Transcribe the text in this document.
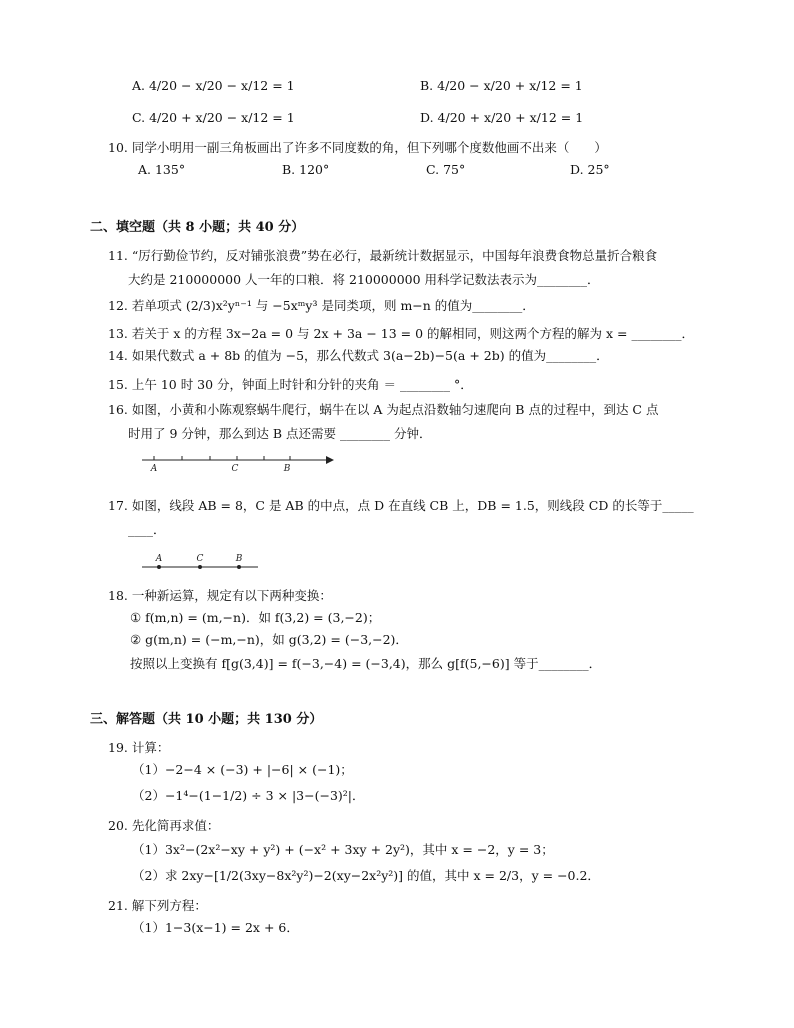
A. 4/20 − x/20 − x/12 = 1	B. 4/20 − x/20 + x/12 = 1
C. 4/20 + x/20 − x/12 = 1	D. 4/20 + x/20 + x/12 = 1
10. 同学小明用一副三角板画出了许多不同度数的角，但下列哪个度数他画不出来（　　）
A. 135°	B. 120°	C. 75°	D. 25°
二、填空题（共 8 小题；共 40 分）
11. “厉行勤俭节约，反对铺张浪费”势在必行，最新统计数据显示，中国每年浪费食物总量折合粮食
大约是 210000000 人一年的口粮．将 210000000 用科学记数法表示为________．
12. 若单项式 (2/3)x²yⁿ⁻¹ 与 −5xᵐy³ 是同类项，则 m−n 的值为________．
13. 若关于 x 的方程 3x−2a = 0 与 2x + 3a − 13 = 0 的解相同，则这两个方程的解为 x = ________．
14. 如果代数式 a + 8b 的值为 −5，那么代数式 3(a−2b)−5(a + 2b) 的值为________．
15. 上午 10 时 30 分，钟面上时针和分针的夹角 ＝ ________ °．
16. 如图，小黄和小陈观察蜗牛爬行，蜗牛在以 A 为起点沿数轴匀速爬向 B 点的过程中，到达 C 点
时用了 9 分钟，那么到达 B 点还需要 ________ 分钟．
A	C	B
17. 如图，线段 AB = 8，C 是 AB 的中点，点 D 在直线 CB 上，DB = 1.5，则线段 CD 的长等于_____
____．
A	C	B
18. 一种新运算，规定有以下两种变换：
① f(m,n) = (m,−n)．如 f(3,2) = (3,−2)；
② g(m,n) = (−m,−n)，如 g(3,2) = (−3,−2)．
按照以上变换有 f[g(3,4)] = f(−3,−4) = (−3,4)，那么 g[f(5,−6)] 等于________．
三、解答题（共 10 小题；共 130 分）
19. 计算：
（1）−2−4 × (−3) + |−6| × (−1)；
（2）−1⁴−(1−1/2) ÷ 3 × |3−(−3)²|．
20. 先化简再求值：
（1）3x²−(2x²−xy + y²) + (−x² + 3xy + 2y²)，其中 x = −2，y = 3；
（2）求 2xy−[1/2(3xy−8x²y²)−2(xy−2x²y²)] 的值，其中 x = 2/3，y = −0.2．
21. 解下列方程：
（1）1−3(x−1) = 2x + 6．
